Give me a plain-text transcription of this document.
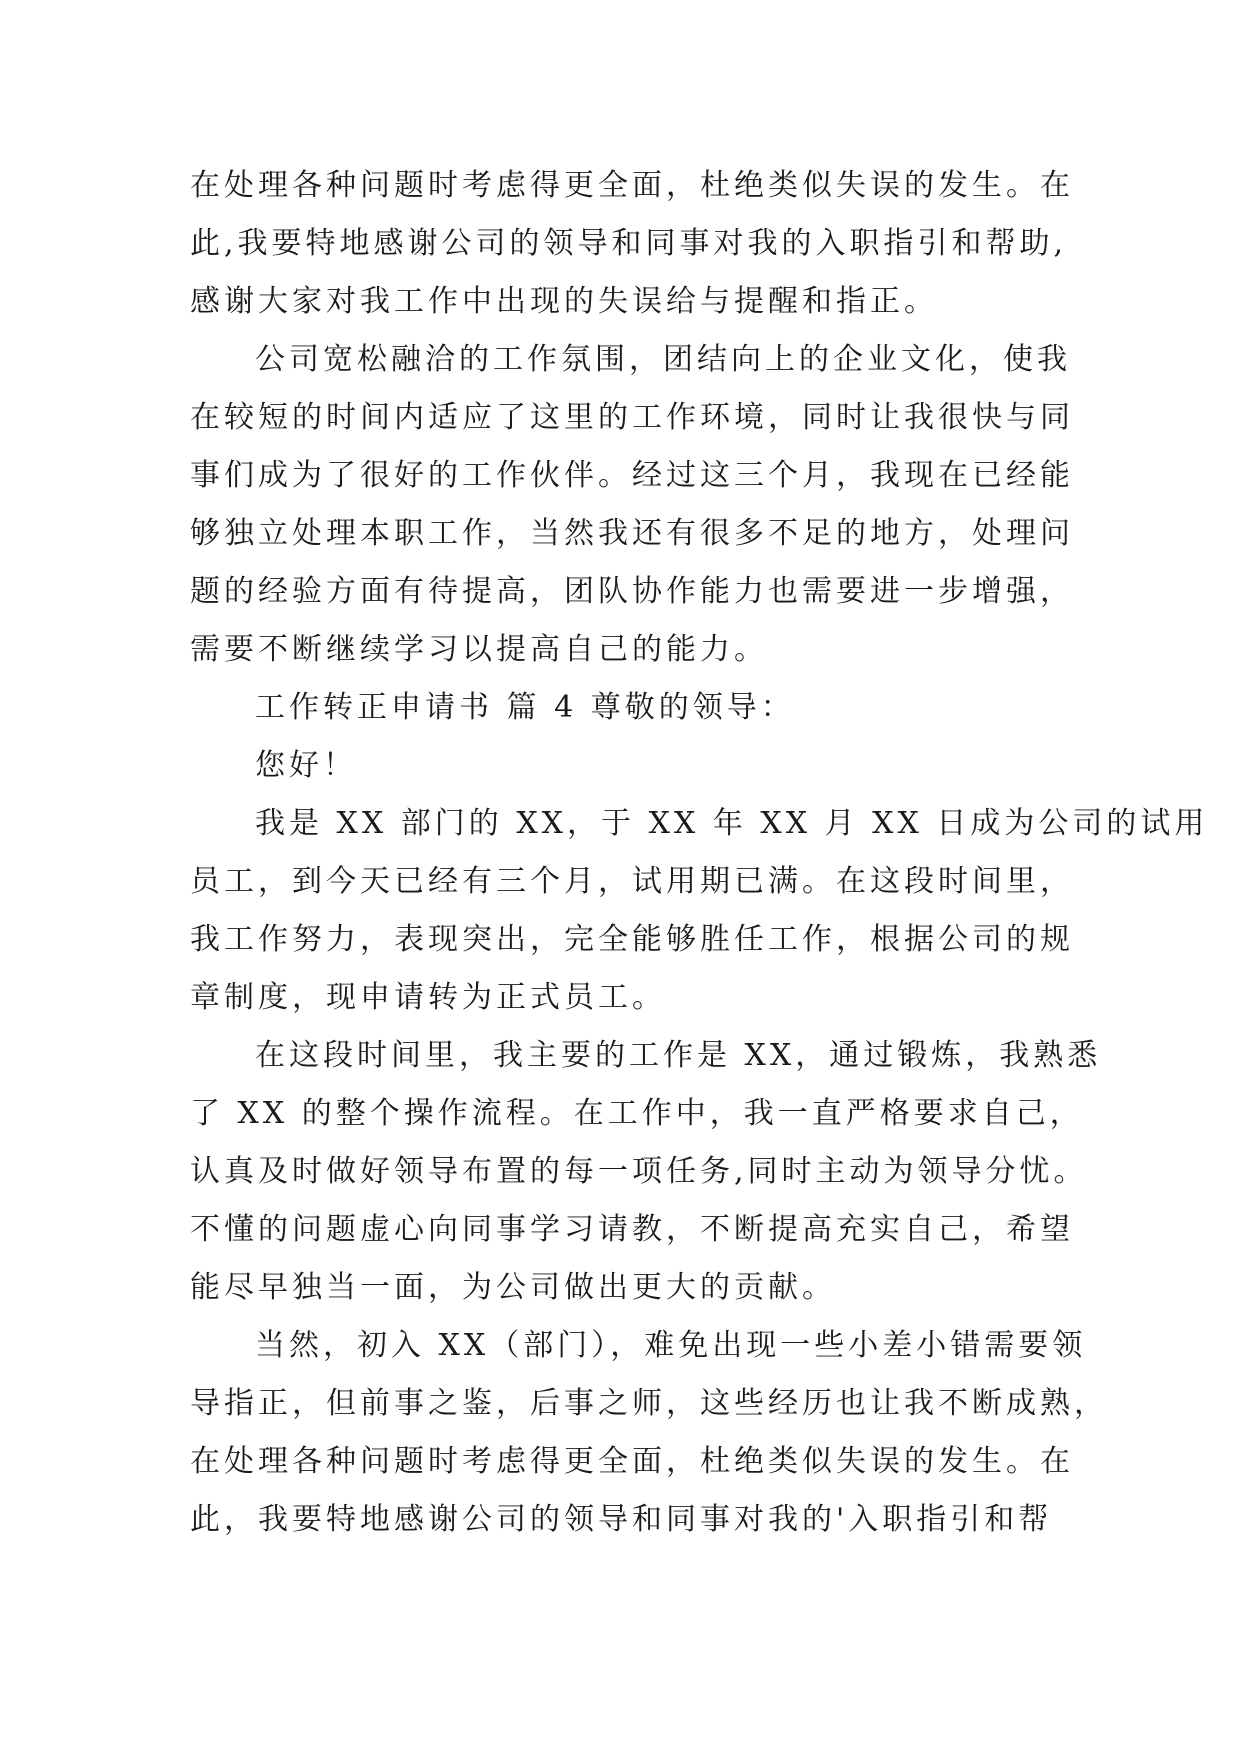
在处理各种问题时考虑得更全面，杜绝类似失误的发生。在
此,我要特地感谢公司的领导和同事对我的入职指引和帮助,
感谢大家对我工作中出现的失误给与提醒和指正。
公司宽松融洽的工作氛围，团结向上的企业文化，使我
在较短的时间内适应了这里的工作环境，同时让我很快与同
事们成为了很好的工作伙伴。经过这三个月，我现在已经能
够独立处理本职工作，当然我还有很多不足的地方，处理问
题的经验方面有待提高，团队协作能力也需要进一步增强，
需要不断继续学习以提高自己的能力。
工作转正申请书 篇 4 尊敬的领导：
您好！
我是 XX 部门的 XX，于 XX 年 XX 月 XX 日成为公司的试用
员工，到今天已经有三个月，试用期已满。在这段时间里，
我工作努力，表现突出，完全能够胜任工作，根据公司的规
章制度，现申请转为正式员工。
在这段时间里，我主要的工作是 XX，通过锻炼，我熟悉
了 XX 的整个操作流程。在工作中，我一直严格要求自己，
认真及时做好领导布置的每一项任务,同时主动为领导分忧。
不懂的问题虚心向同事学习请教，不断提高充实自己，希望
能尽早独当一面，为公司做出更大的贡献。
当然，初入 XX（部门），难免出现一些小差小错需要领
导指正，但前事之鉴，后事之师，这些经历也让我不断成熟，
在处理各种问题时考虑得更全面，杜绝类似失误的发生。在
此，我要特地感谢公司的领导和同事对我的'入职指引和帮
